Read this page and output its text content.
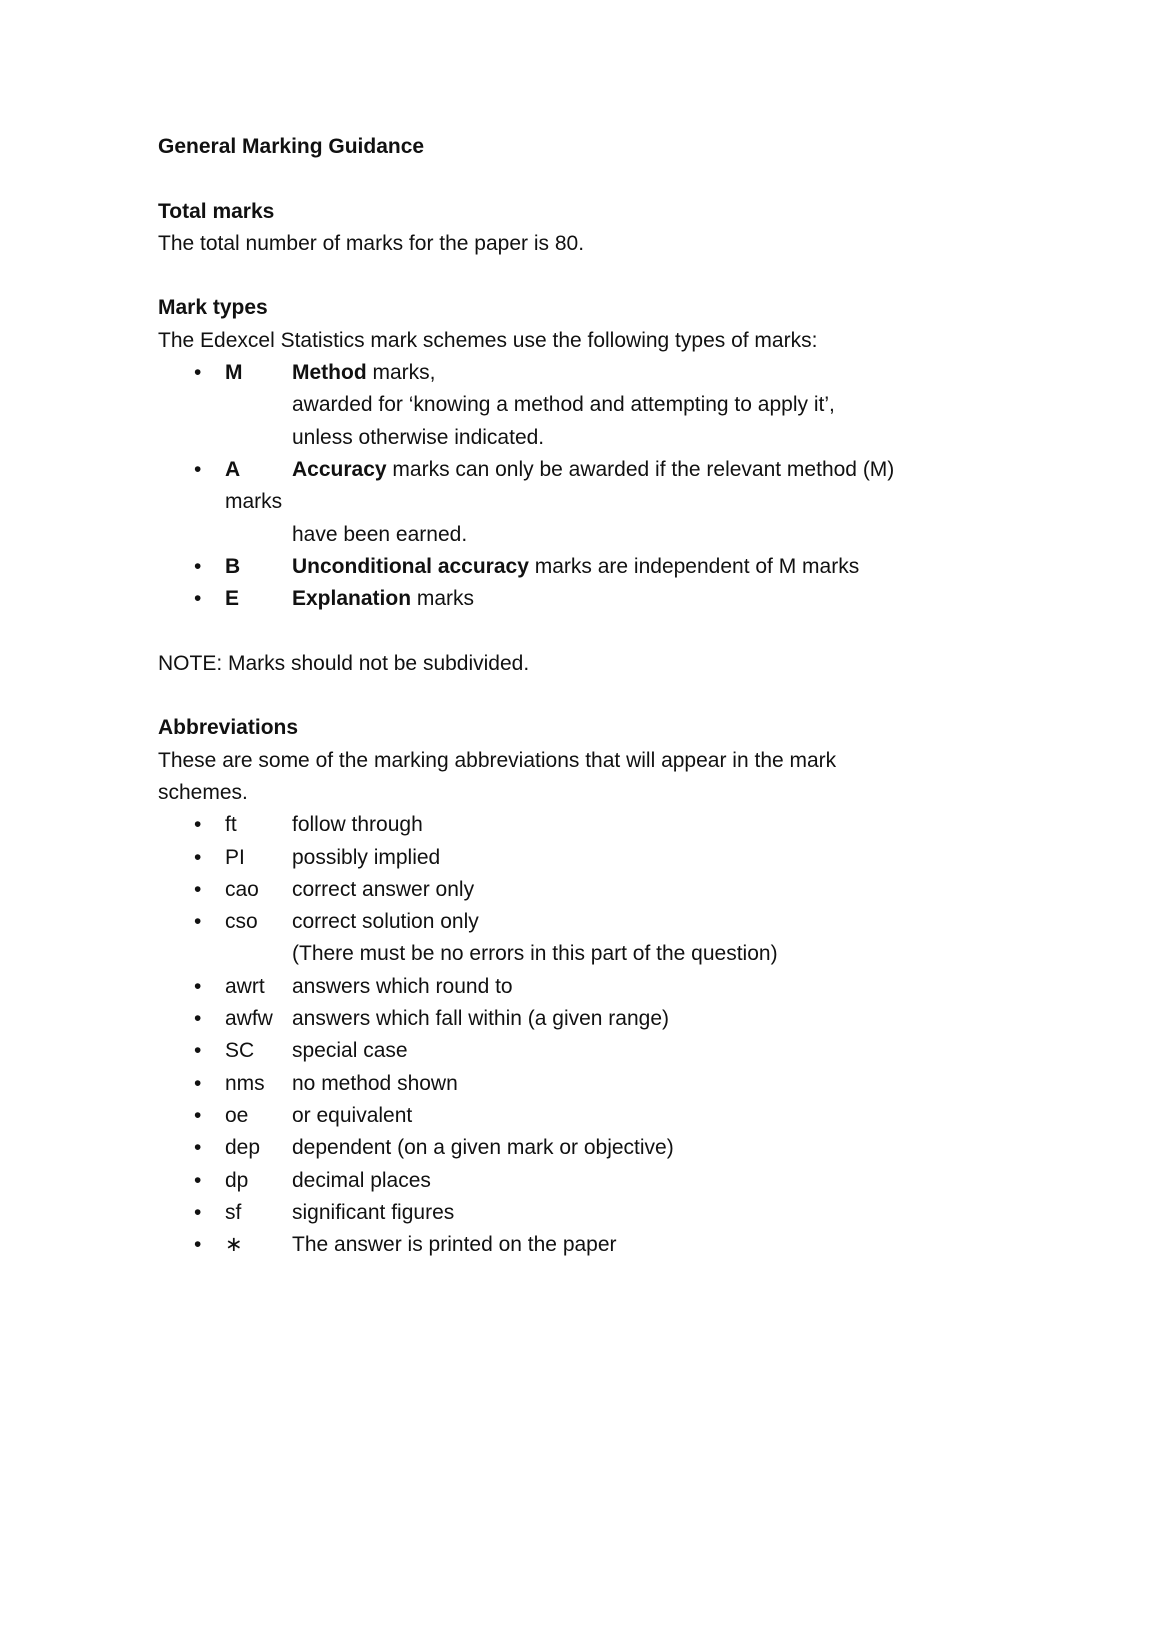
General Marking Guidance
Total marks
The total number of marks for the paper is 80.
Mark types
The Edexcel Statistics mark schemes use the following types of marks:
• M Method marks,
awarded for ‘knowing a method and attempting to apply it’,
unless otherwise indicated.
• A Accuracy marks can only be awarded if the relevant method (M)
marks
have been earned.
• B Unconditional accuracy marks are independent of M marks
• E	Explanation marks
NOTE: Marks should not be subdivided.
Abbreviations
These are some of the marking abbreviations that will appear in the mark
schemes.
• ft	follow through
• PI possibly implied
• cao correct answer only
• cso correct solution only
(There must be no errors in this part of the question)
• awrt answers which round to
• awfw answers which fall within (a given range)
• SC special case
• nms no method shown
• oe or equivalent
• dep dependent (on a given mark or objective)
• dp decimal places
• sf significant figures
• ∗ The answer is printed on the paper
